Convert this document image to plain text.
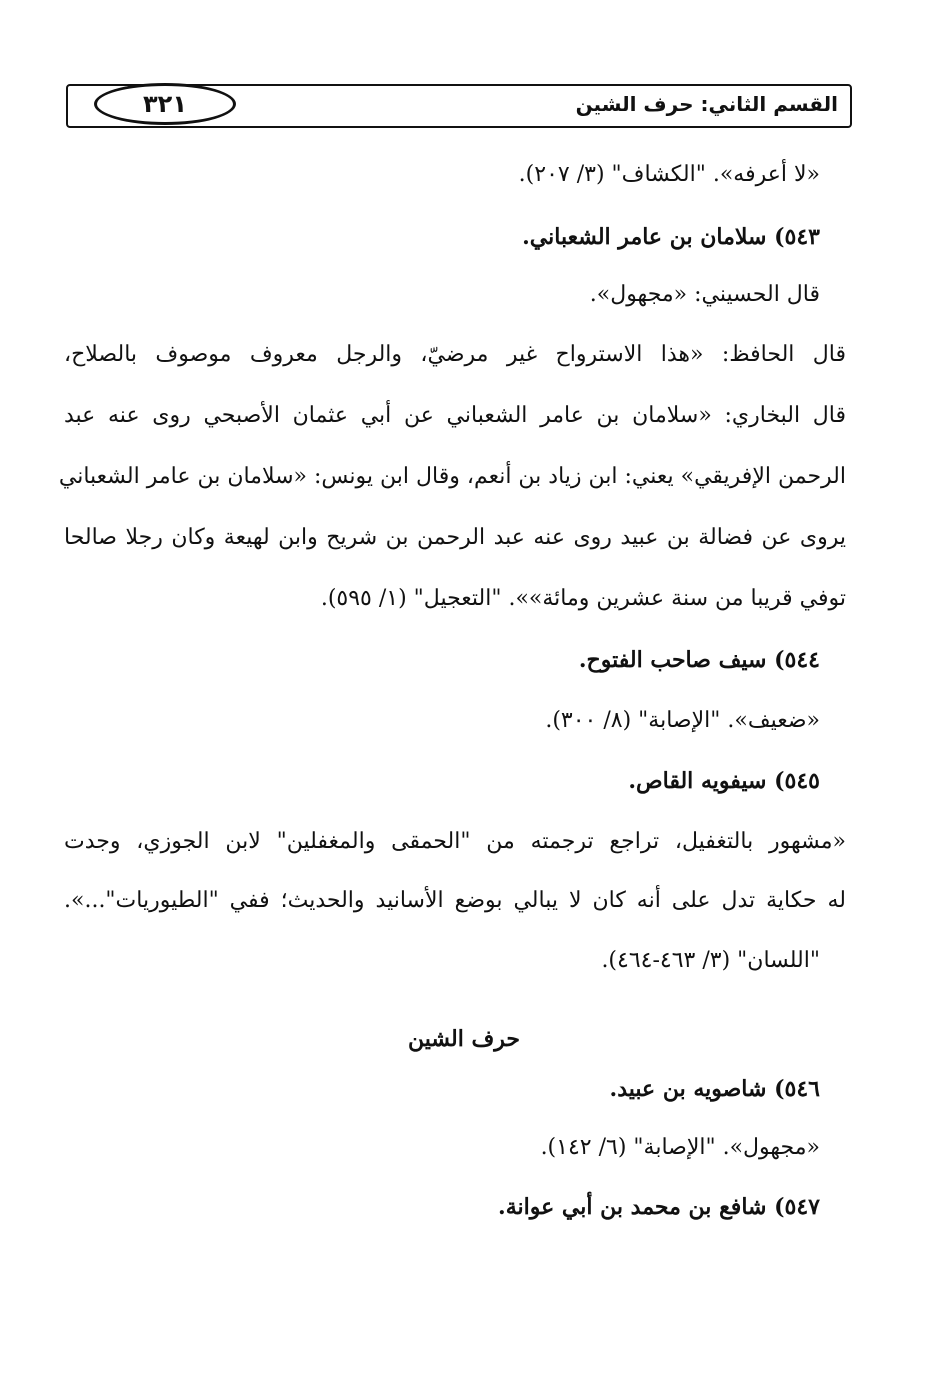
القسم الثاني: حرف الشين
٣٢١
«لا أعرفه». "الكشاف" (٣/ ٢٠٧).
٥٤٣) سلامان بن عامر الشعباني.
قال الحسيني: «مجهول».
قال الحافظ: «هذا الاسترواح غير مرضيّ، والرجل معروف موصوف بالصلاح،
قال البخاري: «سلامان بن عامر الشعباني عن أبي عثمان الأصبحي روى عنه عبد
الرحمن الإفريقي» يعني: ابن زياد بن أنعم، وقال ابن يونس: «سلامان بن عامر الشعباني
يروى عن فضالة بن عبيد روى عنه عبد الرحمن بن شريح وابن لهيعة وكان رجلا صالحا
توفي قريبا من سنة عشرين ومائة»». "التعجيل" (١/ ٥٩٥).
٥٤٤) سيف صاحب الفتوح.
«ضعيف». "الإصابة" (٨/ ٣٠٠).
٥٤٥) سيفويه القاص.
«مشهور بالتغفيل، تراجع ترجمته من "الحمقى والمغفلين" لابن الجوزي، وجدت
له حكاية تدل على أنه كان لا يبالي بوضع الأسانيد والحديث؛ ففي "الطيوريات"...».
"اللسان" (٣/ ٤٦٣-٤٦٤).
حرف الشين
٥٤٦) شاصويه بن عبيد.
«مجهول». "الإصابة" (٦/ ١٤٢).
٥٤٧) شافع بن محمد بن أبي عوانة.
